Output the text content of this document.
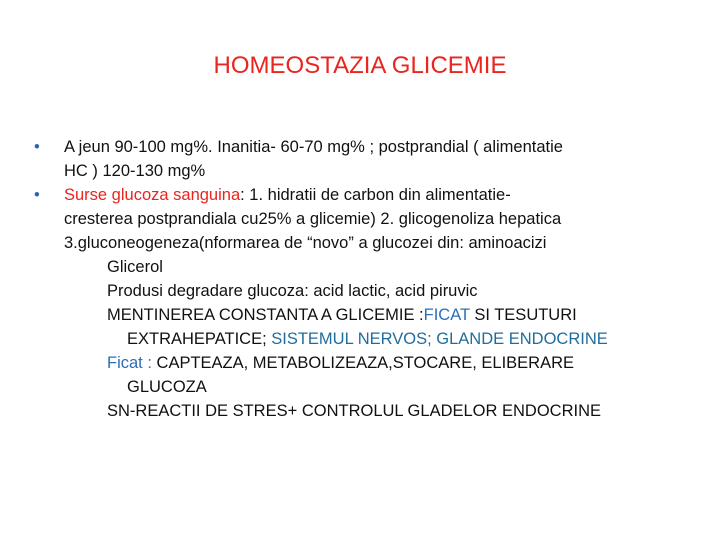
HOMEOSTAZIA GLICEMIE
• A jeun 90-100 mg%. Inanitia- 60-70 mg% ; postprandial ( alimentatie
HC ) 120-130 mg%
• Surse glucoza sanguina: 1. hidratii de carbon din alimentatie-
cresterea postprandiala cu25% a glicemie) 2. glicogenoliza hepatica
3.gluconeogeneza(nformarea de “novo” a glucozei din: aminoacizi
Glicerol
Produsi degradare glucoza: acid lactic, acid piruvic
MENTINEREA CONSTANTA A GLICEMIE :FICAT SI TESUTURI
EXTRAHEPATICE; SISTEMUL NERVOS; GLANDE ENDOCRINE
Ficat : CAPTEAZA, METABOLIZEAZA,STOCARE, ELIBERARE
GLUCOZA
SN-REACTII DE STRES+ CONTROLUL GLADELOR ENDOCRINE
